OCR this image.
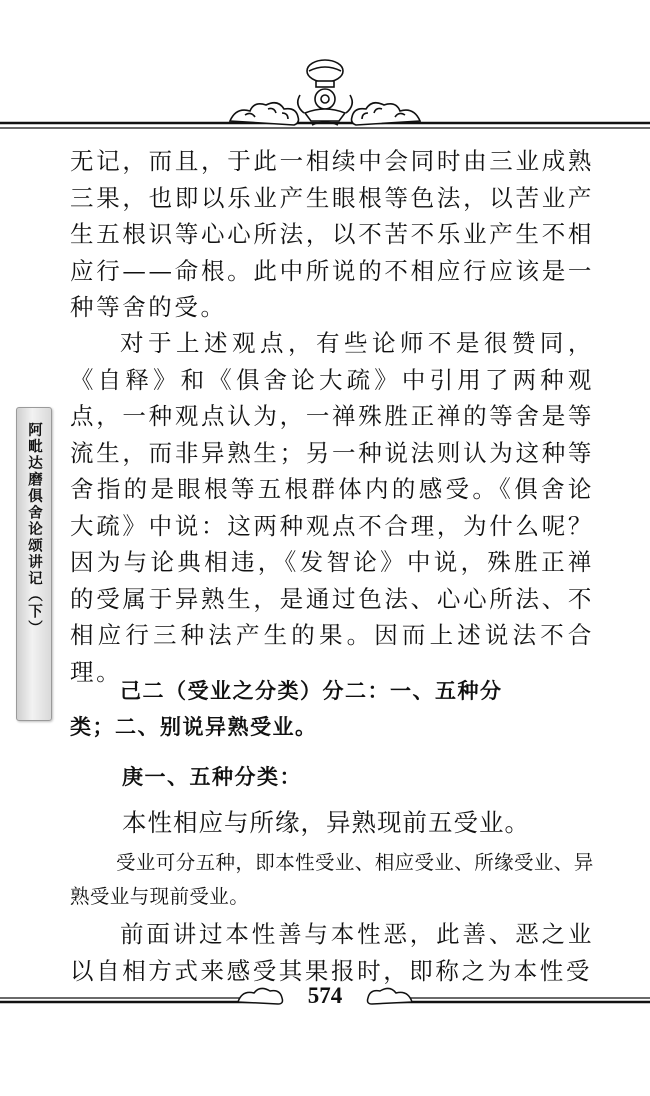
阿毗达磨俱舍论颂讲记（下）

无记，而且，于此一相续中会同时由三业成熟三果，也即以乐业产生眼根等色法，以苦业产生五根识等心心所法，以不苦不乐业产生不相应行——命根。此中所说的不相应行应该是一种等舍的受。

对于上述观点，有些论师不是很赞同，《自释》和《俱舍论大疏》中引用了两种观点，一种观点认为，一禅殊胜正禅的等舍是等流生，而非异熟生；另一种说法则认为这种等舍指的是眼根等五根群体内的感受。《俱舍论大疏》中说：这两种观点不合理，为什么呢？因为与论典相违，《发智论》中说，殊胜正禅的受属于异熟生，是通过色法、心心所法、不相应行三种法产生的果。因而上述说法不合理。

己二（受业之分类）分二：一、五种分
类；二、别说异熟受业。
庚一、五种分类：
本性相应与所缘，异熟现前五受业。

受业可分五种，即本性受业、相应受业、所缘受业、异熟受业与现前受业。

前面讲过本性善与本性恶，此善、恶之业以自相方式来感受其果报时，即称之为本性受

574
